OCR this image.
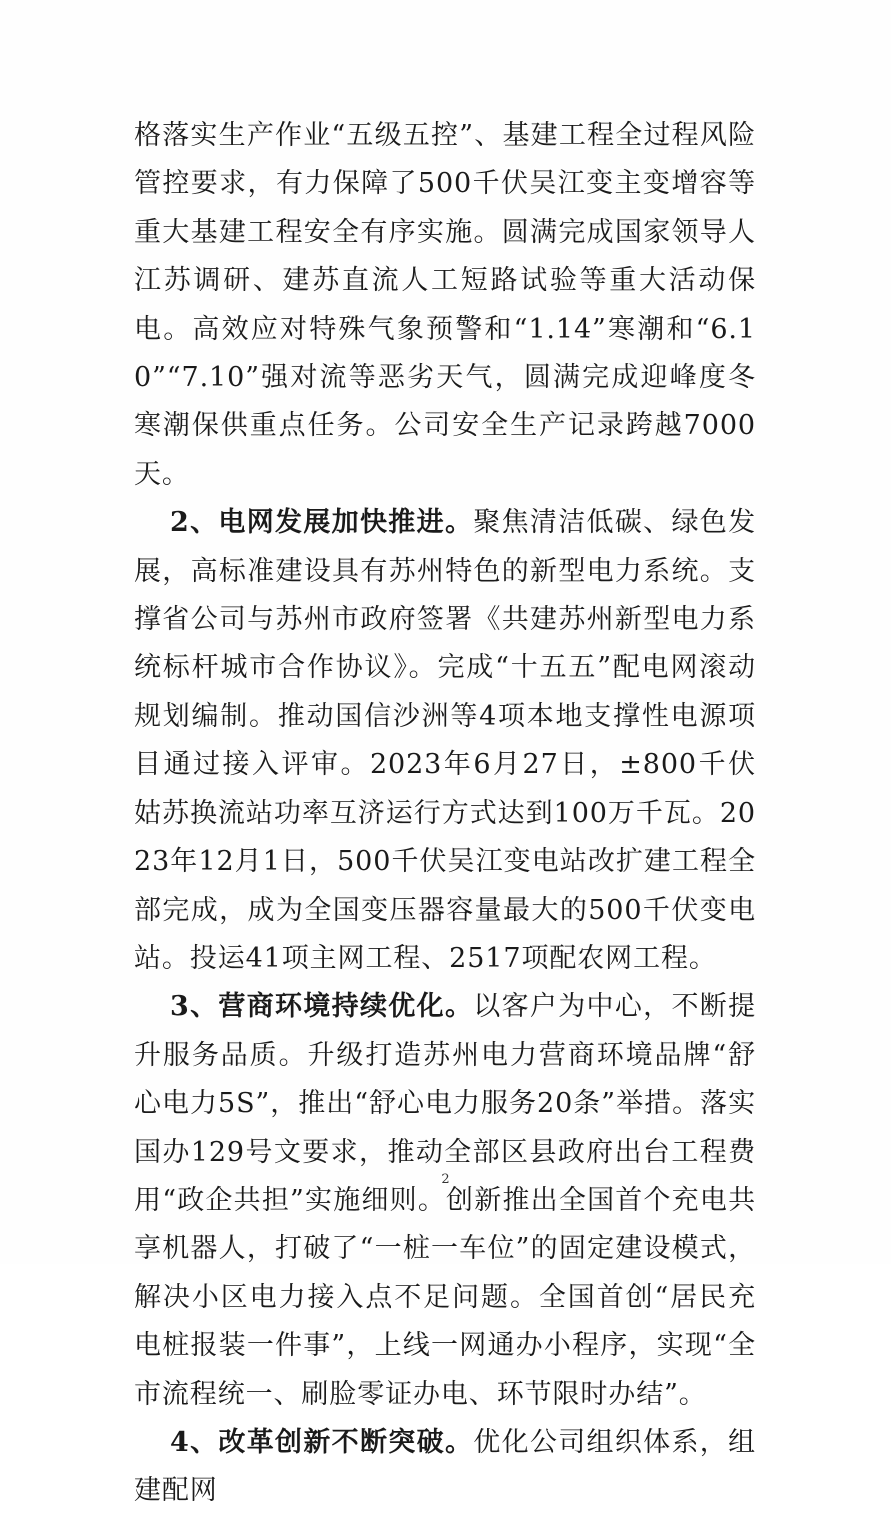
格落实生产作业“五级五控”、基建工程全过程风险管控要求，有力保障了500千伏吴江变主变增容等重大基建工程安全有序实施。圆满完成国家领导人江苏调研、建苏直流人工短路试验等重大活动保电。高效应对特殊气象预警和“1.14”寒潮和“6.10”“7.10”强对流等恶劣天气，圆满完成迎峰度冬寒潮保供重点任务。公司安全生产记录跨越7000天。

2、电网发展加快推进。聚焦清洁低碳、绿色发展，高标准建设具有苏州特色的新型电力系统。支撑省公司与苏州市政府签署《共建苏州新型电力系统标杆城市合作协议》。完成“十五五”配电网滚动规划编制。推动国信沙洲等4项本地支撑性电源项目通过接入评审。2023年6月27日，±800千伏姑苏换流站功率互济运行方式达到100万千瓦。2023年12月1日，500千伏吴江变电站改扩建工程全部完成，成为全国变压器容量最大的500千伏变电站。投运41项主网工程、2517项配农网工程。

3、营商环境持续优化。以客户为中心，不断提升服务品质。升级打造苏州电力营商环境品牌“舒心电力5S”，推出“舒心电力服务20条”举措。落实国办129号文要求，推动全部区县政府出台工程费用“政企共担”实施细则。创新推出全国首个充电共享机器人，打破了“一桩一车位”的固定建设模式，解决小区电力接入点不足问题。全国首创“居民充电桩报装一件事”，上线一网通办小程序，实现“全市流程统一、刷脸零证办电、环节限时办结”。

4、改革创新不断突破。优化公司组织体系，组建配网

2
